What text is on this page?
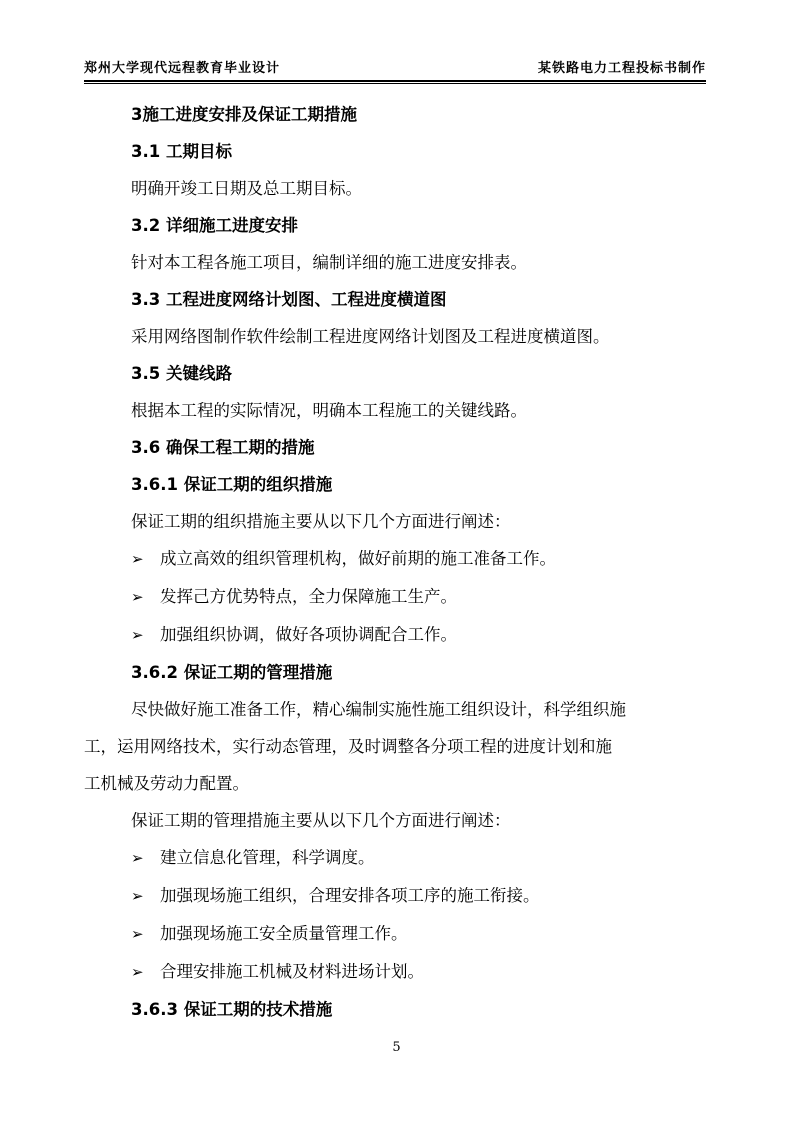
郑州大学现代远程教育毕业设计	某铁路电力工程投标书制作
3施工进度安排及保证工期措施
3.1 工期目标
明确开竣工日期及总工期目标。
3.2 详细施工进度安排
针对本工程各施工项目，编制详细的施工进度安排表。
3.3 工程进度网络计划图、工程进度横道图
采用网络图制作软件绘制工程进度网络计划图及工程进度横道图。
3.5 关键线路
根据本工程的实际情况，明确本工程施工的关键线路。
3.6 确保工程工期的措施
3.6.1 保证工期的组织措施
保证工期的组织措施主要从以下几个方面进行阐述：
➢ 成立高效的组织管理机构，做好前期的施工准备工作。
➢ 发挥己方优势特点，全力保障施工生产。
➢ 加强组织协调，做好各项协调配合工作。
3.6.2 保证工期的管理措施
尽快做好施工准备工作，精心编制实施性施工组织设计，科学组织施
工，运用网络技术，实行动态管理，及时调整各分项工程的进度计划和施
工机械及劳动力配置。
保证工期的管理措施主要从以下几个方面进行阐述：
➢ 建立信息化管理，科学调度。
➢ 加强现场施工组织，合理安排各项工序的施工衔接。
➢ 加强现场施工安全质量管理工作。
➢ 合理安排施工机械及材料进场计划。
3.6.3 保证工期的技术措施
5
